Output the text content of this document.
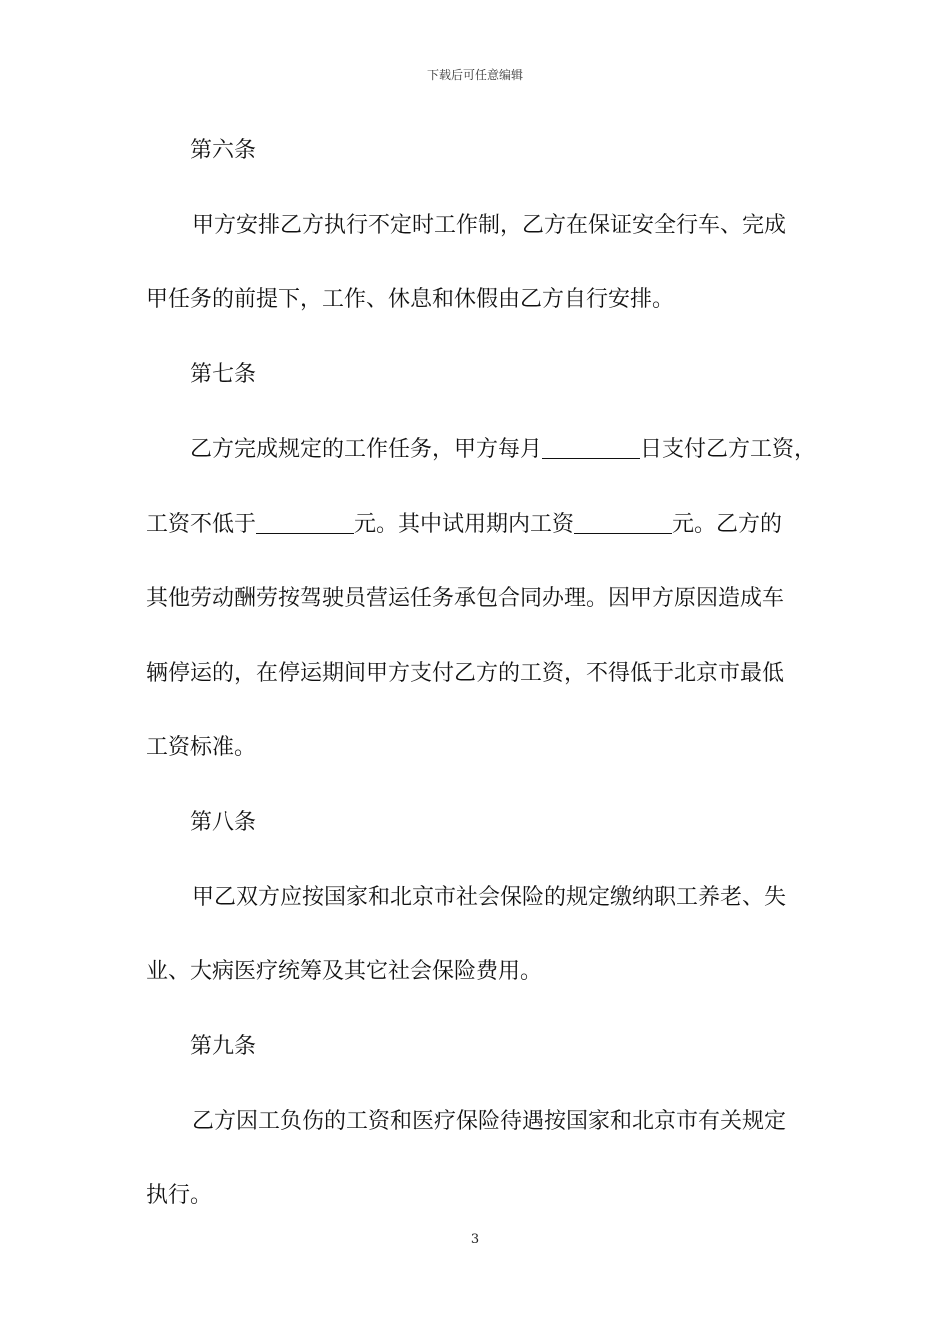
下载后可任意编辑
第六条
甲方安排乙方执行不定时工作制，乙方在保证安全行车、完成
甲任务的前提下，工作、休息和休假由乙方自行安排。
第七条
乙方完成规定的工作任务，甲方每月	日支付乙方工资，
工资不低于	元。其中试用期内工资	元。乙方的
其他劳动酬劳按驾驶员营运任务承包合同办理。因甲方原因造成车
辆停运的，在停运期间甲方支付乙方的工资，不得低于北京市最低
工资标准。
第八条
甲乙双方应按国家和北京市社会保险的规定缴纳职工养老、失
业、大病医疗统筹及其它社会保险费用。
第九条
乙方因工负伤的工资和医疗保险待遇按国家和北京市有关规定
执行。
3
